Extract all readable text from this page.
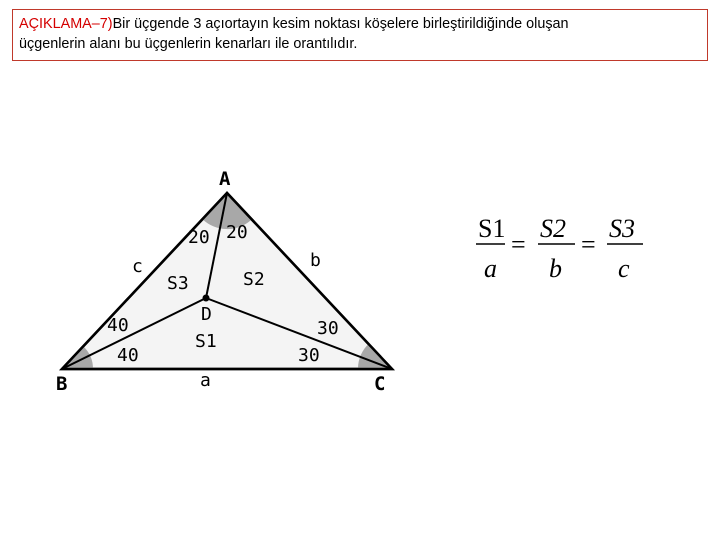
AÇIKLAMA–7)Bir üçgende 3 açıortayın kesim noktası köşelere birleştirildiğinde oluşan
üçgenlerin alanı bu üçgenlerin kenarları ile orantılıdır.
A
B	C
D
a
b
c
S1
S2
S3
20 20
40
40
30
30
S1
a
=
S2
b
=
S3
c
